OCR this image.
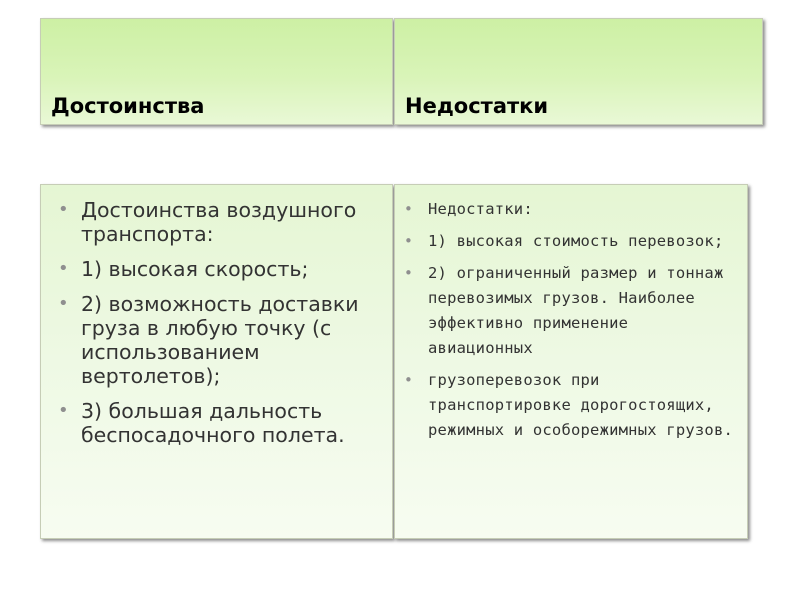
Достоинства	Недостатки
• Достоинства воздушного транспорта:
• 1) высокая скорость;
• 2) возможность доставки груза в любую точку (с использованием вертолетов);
• 3) большая дальность беспосадочного полета.
• Недостатки:
• 1) высокая стоимость перевозок;
• 2) ограниченный размер и тоннаж перевозимых грузов. Наиболее эффективно применение авиационных
• грузоперевозок при транспортировке дорогостоящих, режимных и особорежимных грузов.
